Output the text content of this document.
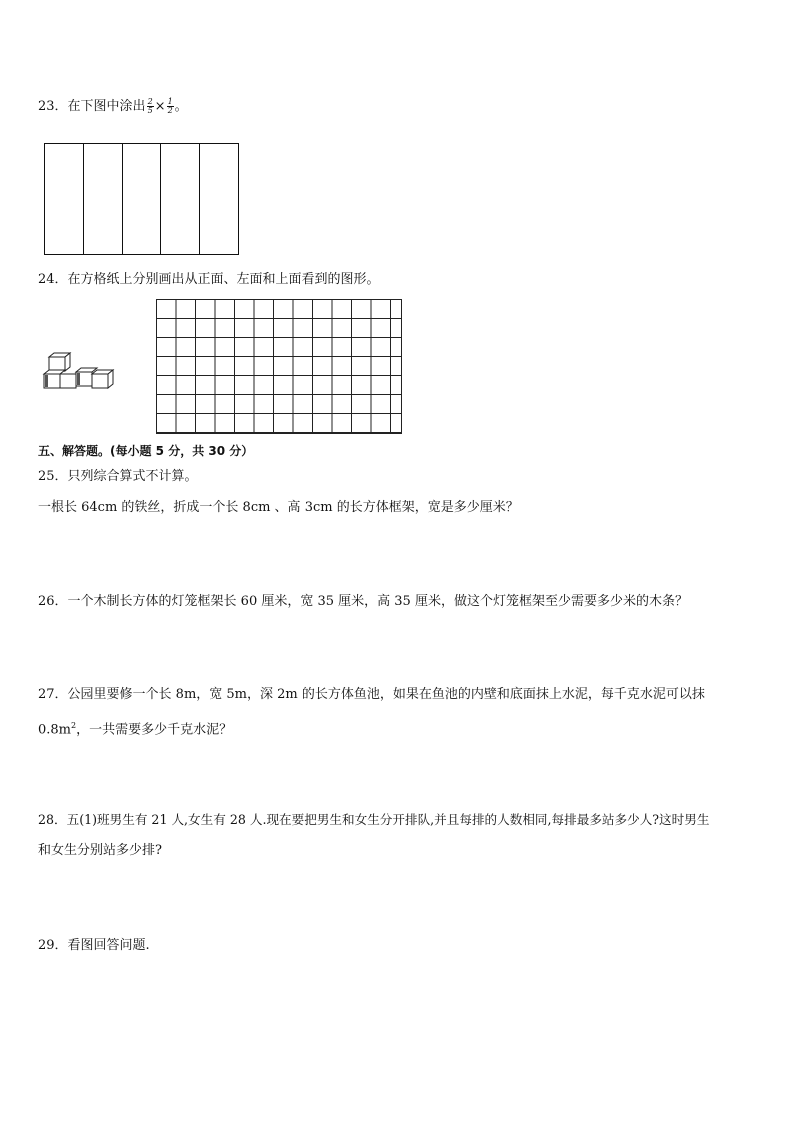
23．在下图中涂出 $\frac{2}{5} \times \frac{1}{2}$ 。
24．在方格纸上分别画出从正面、左面和上面看到的图形。
五、解答题。(每小题 5 分，共 30 分）
25．只列综合算式不计算。
一根长 64cm 的铁丝，折成一个长 8cm 、高 3cm 的长方体框架，宽是多少厘米？
26．一个木制长方体的灯笼框架长 60 厘米，宽 35 厘米，高 35 厘米，做这个灯笼框架至少需要多少米的木条？
27．公园里要修一个长 8m，宽 5m，深 2m 的长方体鱼池，如果在鱼池的内壁和底面抹上水泥，每千克水泥可以抹
$0.8m^2$，一共需要多少千克水泥？
28．五(1)班男生有 21 人,女生有 28 人.现在要把男生和女生分开排队,并且每排的人数相同,每排最多站多少人?这时男生
和女生分别站多少排?
29．看图回答问题.
